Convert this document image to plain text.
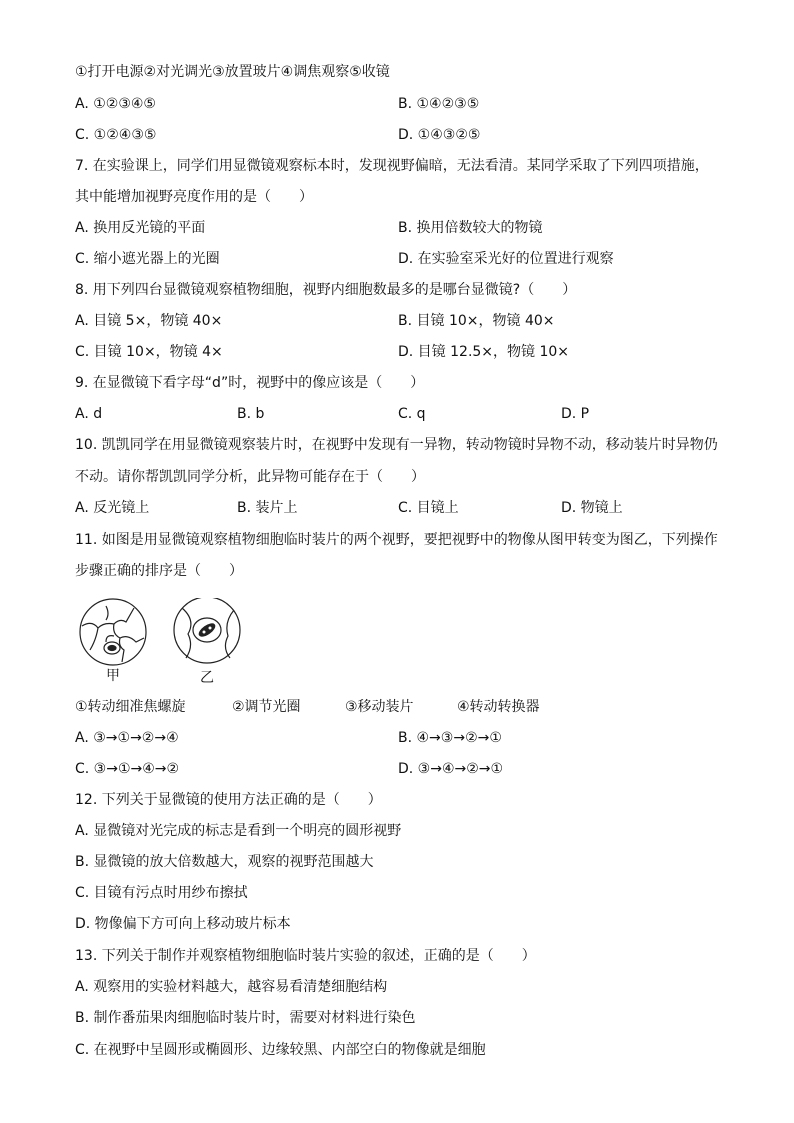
①打开电源②对光调光③放置玻片④调焦观察⑤收镜
A. ①②③④⑤	B. ①④②③⑤
C. ①②④③⑤	D. ①④③②⑤
7. 在实验课上，同学们用显微镜观察标本时，发现视野偏暗，无法看清。某同学采取了下列四项措施，
其中能增加视野亮度作用的是（　　）
A. 换用反光镜的平面	B. 换用倍数较大的物镜
C. 缩小遮光器上的光圈	D. 在实验室采光好的位置进行观察
8. 用下列四台显微镜观察植物细胞，视野内细胞数最多的是哪台显微镜?（　　）
A. 目镜 5×，物镜 40×	B. 目镜 10×，物镜 40×
C. 目镜 10×，物镜 4×	D. 目镜 12.5×，物镜 10×
9. 在显微镜下看字母“d”时，视野中的像应该是（　　）
A. d	B. b	C. q	D. P
10. 凯凯同学在用显微镜观察装片时，在视野中发现有一异物，转动物镜时异物不动，移动装片时异物仍
不动。请你帮凯凯同学分析，此异物可能存在于（　　）
A. 反光镜上	B. 装片上	C. 目镜上	D. 物镜上
11. 如图是用显微镜观察植物细胞临时装片的两个视野，要把视野中的物像从图甲转变为图乙，下列操作
步骤正确的排序是（　　）
甲	乙
①转动细准焦螺旋	②调节光圈	③移动装片	④转动转换器
A. ③→①→②→④	B. ④→③→②→①
C. ③→①→④→②	D. ③→④→②→①
12. 下列关于显微镜的使用方法正确的是（　　）
A. 显微镜对光完成的标志是看到一个明亮的圆形视野
B. 显微镜的放大倍数越大，观察的视野范围越大
C. 目镜有污点时用纱布擦拭
D. 物像偏下方可向上移动玻片标本
13. 下列关于制作并观察植物细胞临时装片实验的叙述，正确的是（　　）
A. 观察用的实验材料越大，越容易看清楚细胞结构
B. 制作番茄果肉细胞临时装片时，需要对材料进行染色
C. 在视野中呈圆形或椭圆形、边缘较黑、内部空白的物像就是细胞
